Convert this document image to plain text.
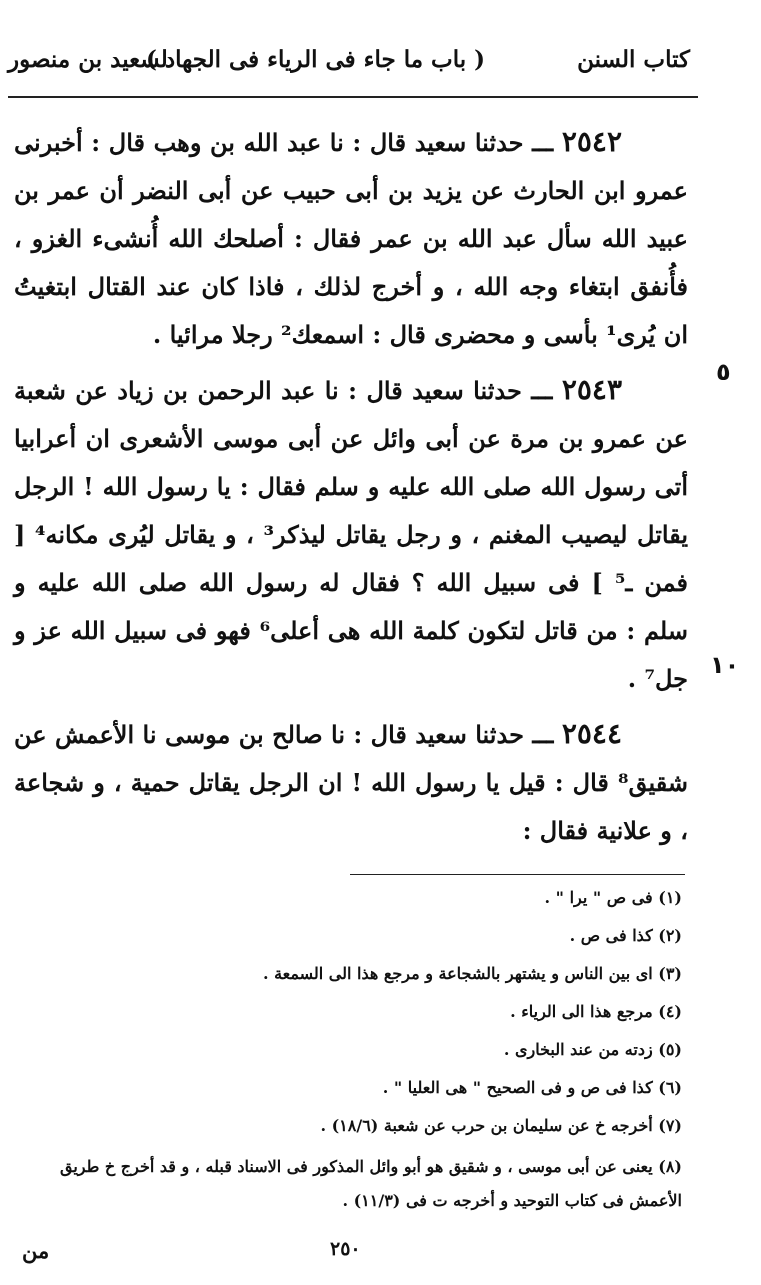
كتاب السنن
( باب ما جاء فى الرياء فى الجهاد )
لسعيد بن منصور
٥
١٠

٢٥٤٢ ـــ حدثنا سعيد قال : نا عبد الله بن وهب قال : أخبرنى عمرو ابن الحارث عن يزيد بن أبى حبيب عن أبى النضر أن عمر بن عبيد الله سأل عبد الله بن عمر فقال : أصلحك الله أُنشىء الغزو ، فأُنفق ابتغاء وجه الله ، و أخرج لذلك ، فاذا كان عند القتال ابتغيتُ ان يُرى¹ بأسى و محضرى قال : اسمعك² رجلا مرائيا .

٢٥٤٣ ـــ حدثنا سعيد قال : نا عبد الرحمن بن زياد عن شعبة عن عمرو بن مرة عن أبى وائل عن أبى موسى الأشعرى ان أعرابيا أتى رسول الله صلى الله عليه و سلم فقال : يا رسول الله ! الرجل يقاتل ليصيب المغنم ، و رجل يقاتل ليذكر³ ، و يقاتل ليُرى مكانه⁴ [ فمن ـ⁵ ] فى سبيل الله ؟ فقال له رسول الله صلى الله عليه و سلم : من قاتل لتكون كلمة الله هى أعلى⁶ فهو فى سبيل الله عز و جل⁷ .

٢٥٤٤ ـــ حدثنا سعيد قال : نا صالح بن موسى نا الأعمش عن شقيق⁸ قال : قيل يا رسول الله ! ان الرجل يقاتل حمية ، و شجاعة ، و علانية فقال :

(١) فى ص " يرا " .

(٢) كذا فى ص .

(٣) اى بين الناس و يشتهر بالشجاعة و مرجع هذا الى السمعة .

(٤) مرجع هذا الى الرياء .

(٥) زدته من عند البخارى .

(٦) كذا فى ص و فى الصحيح " هى العليا " .

(٧) أخرجه خ عن سليمان بن حرب عن شعبة (١٨/٦) .

(٨) يعنى عن أبى موسى ، و شقيق هو أبو وائل المذكور فى الاسناد قبله ، و قد أخرج خ طريق الأعمش فى كتاب التوحيد و أخرجه ت فى (١١/٣) .

٢٥٠
من
